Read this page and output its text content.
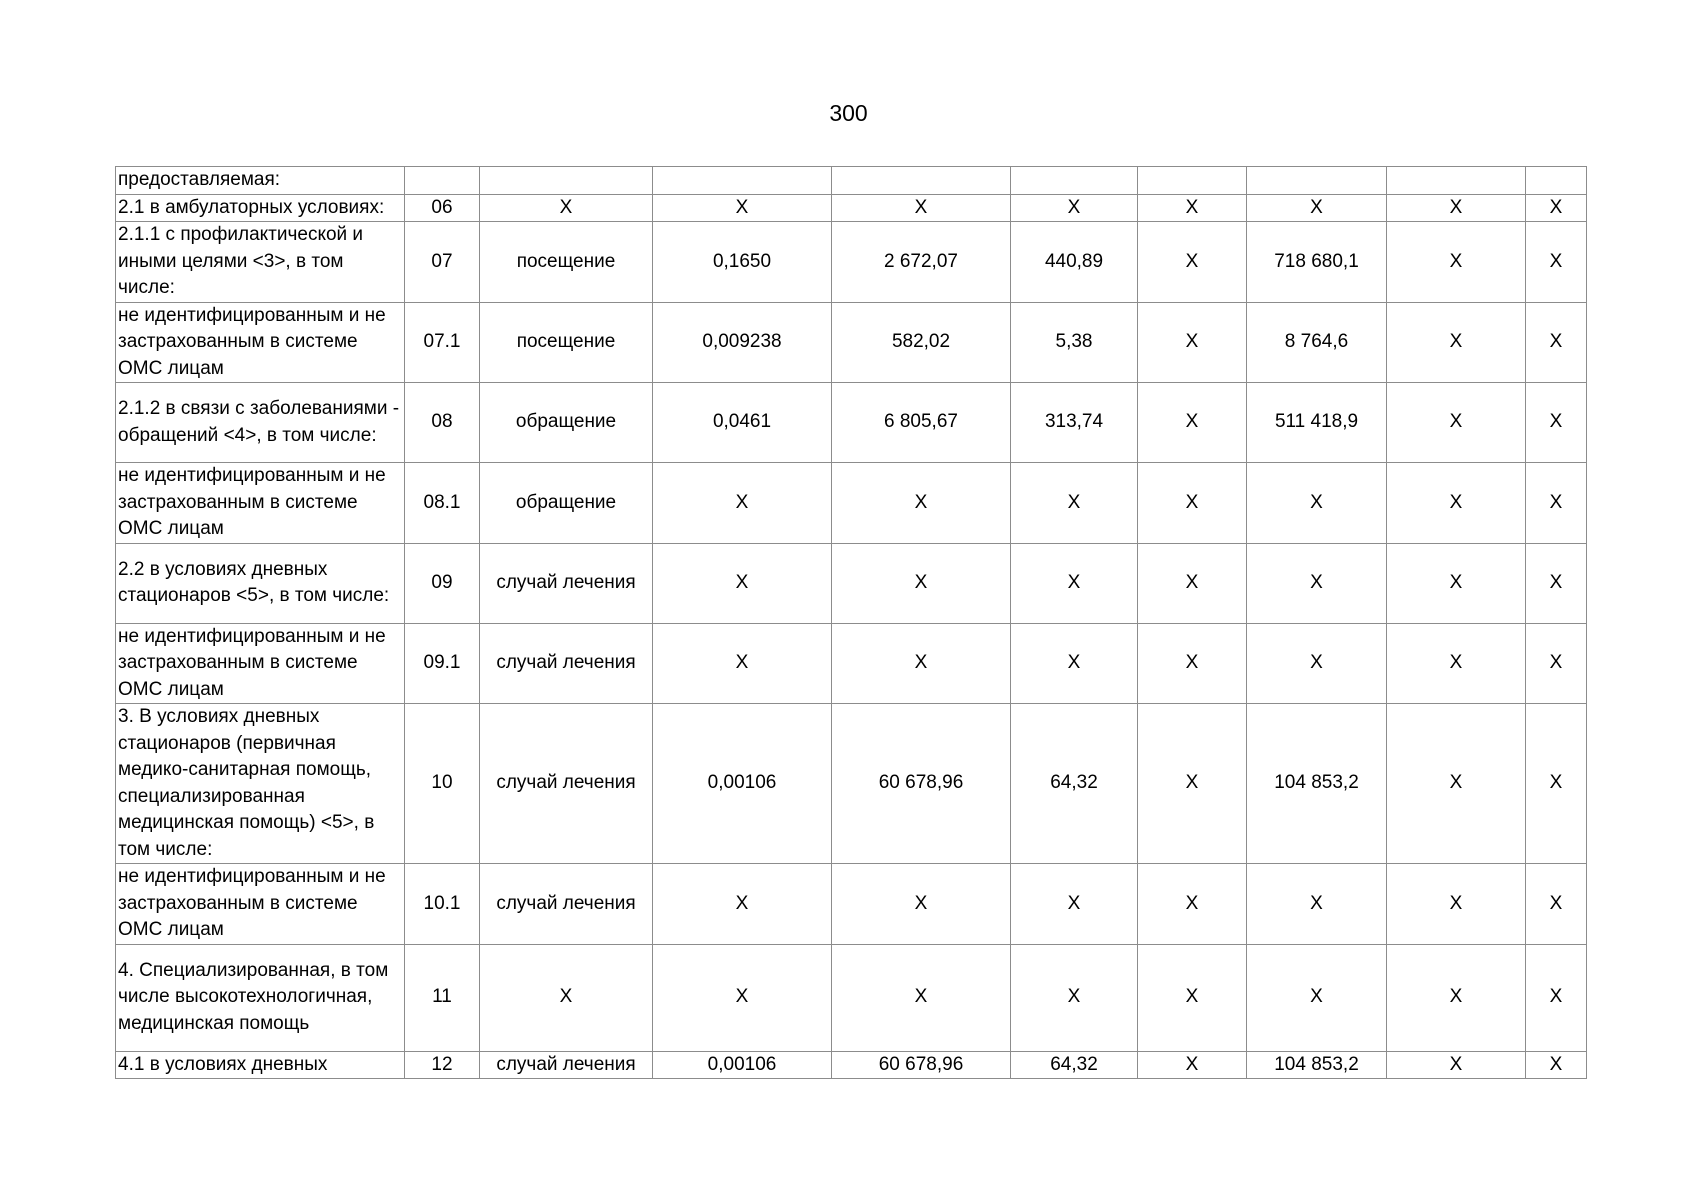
300
предоставляемая:									
2.1 в амбулаторных условиях:	06	X	X	X	X	X	X	X	X
2.1.1 с профилактической и иными целями <3>, в том числе:	07	посещение	0,1650	2 672,07	440,89	X	718 680,1	X	X
не идентифицированным и не застрахованным в системе ОМС лицам	07.1	посещение	0,009238	582,02	5,38	X	8 764,6	X	X
2.1.2 в связи с заболеваниями - обращений <4>, в том числе:	08	обращение	0,0461	6 805,67	313,74	X	511 418,9	X	X
не идентифицированным и не застрахованным в системе ОМС лицам	08.1	обращение	X	X	X	X	X	X	X
2.2 в условиях дневных стационаров <5>, в том числе:	09	случай лечения	X	X	X	X	X	X	X
не идентифицированным и не застрахованным в системе ОМС лицам	09.1	случай лечения	X	X	X	X	X	X	X
3. В условиях дневных стационаров (первичная медико-санитарная помощь, специализированная медицинская помощь) <5>, в том числе:	10	случай лечения	0,00106	60 678,96	64,32	X	104 853,2	X	X
не идентифицированным и не застрахованным в системе ОМС лицам	10.1	случай лечения	X	X	X	X	X	X	X
4. Специализированная, в том числе высокотехнологичная, медицинская помощь	11	X	X	X	X	X	X	X	X
4.1 в условиях дневных	12	случай лечения	0,00106	60 678,96	64,32	X	104 853,2	X	X
